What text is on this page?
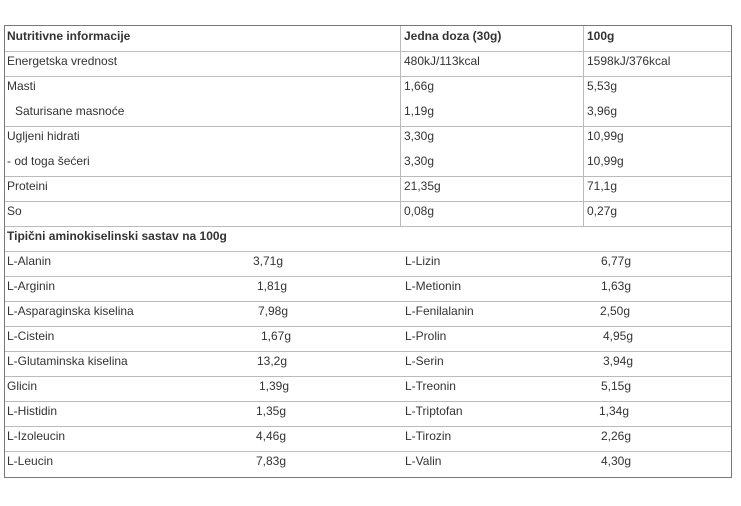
Nutritivne informacije	Jedna doza (30g)	100g
Energetska vrednost	480kJ/113kcal	1598kJ/376kcal
Masti	1,66g	5,53g
Saturisane masnoće	1,19g	3,96g
Ugljeni hidrati	3,30g	10,99g
- od toga šećeri	3,30g	10,99g
Proteini	21,35g	71,1g
So	0,08g	0,27g
Tipični aminokiselinski sastav na 100g
L-Alanin	3,71g	L-Lizin	6,77g
L-Arginin	1,81g	L-Metionin	1,63g
L-Asparaginska kiselina	7,98g	L-Fenilalanin	2,50g
L-Cistein	1,67g	L-Prolin	4,95g
L-Glutaminska kiselina	13,2g	L-Serin	3,94g
Glicin	1,39g	L-Treonin	5,15g
L-Histidin	1,35g	L-Triptofan	1,34g
L-Izoleucin	4,46g	L-Tirozin	2,26g
L-Leucin	7,83g	L-Valin	4,30g
